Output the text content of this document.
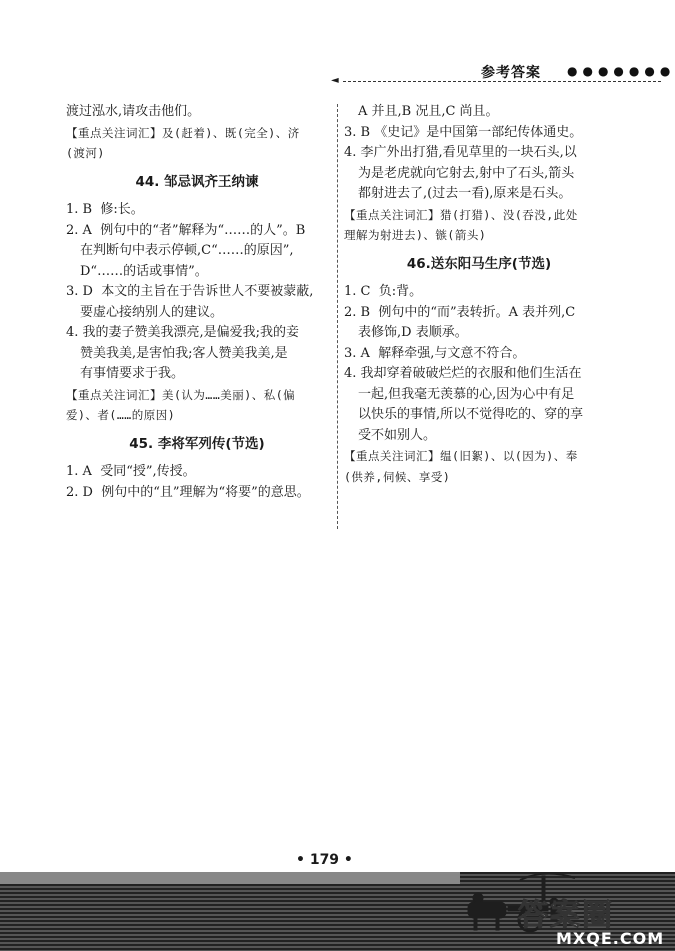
◄	参考答案 ●●●●●●●
渡过泓水,请攻击他们。
【重点关注词汇】及(赶着)、既(完全)、济
(渡河)
44. 邹忌讽齐王纳谏
1. B  修:长。
2. A  例句中的“者”解释为“……的人”。B
在判断句中表示停顿,C“……的原因”,
D“……的话或事情”。
3. D  本文的主旨在于告诉世人不要被蒙蔽,
要虚心接纳别人的建议。
4. 我的妻子赞美我漂亮,是偏爱我;我的妾
赞美我美,是害怕我;客人赞美我美,是
有事情要求于我。
【重点关注词汇】美(认为……美丽)、私(偏
爱)、者(……的原因)
45. 李将军列传(节选)
1. A  受同“授”,传授。
2. D  例句中的“且”理解为“将要”的意思。
A 并且,B 况且,C 尚且。
3. B 《史记》是中国第一部纪传体通史。
4. 李广外出打猎,看见草里的一块石头,以
为是老虎就向它射去,射中了石头,箭头
都射进去了,(过去一看),原来是石头。
【重点关注词汇】猎(打猎)、没(吞没,此处
理解为射进去)、镞(箭头)
46.送东阳马生序(节选)
1. C  负:背。
2. B  例句中的“而”表转折。A 表并列,C
表修饰,D 表顺承。
3. A  解释牵强,与文意不符合。
4. 我却穿着破破烂烂的衣服和他们生活在
一起,但我毫无羡慕的心,因为心中有足
以快乐的事情,所以不觉得吃的、穿的享
受不如别人。
【重点关注词汇】缊(旧絮)、以(因为)、奉
(供养,伺候、享受)
• 179 •
答案圈
MXQE.COM
